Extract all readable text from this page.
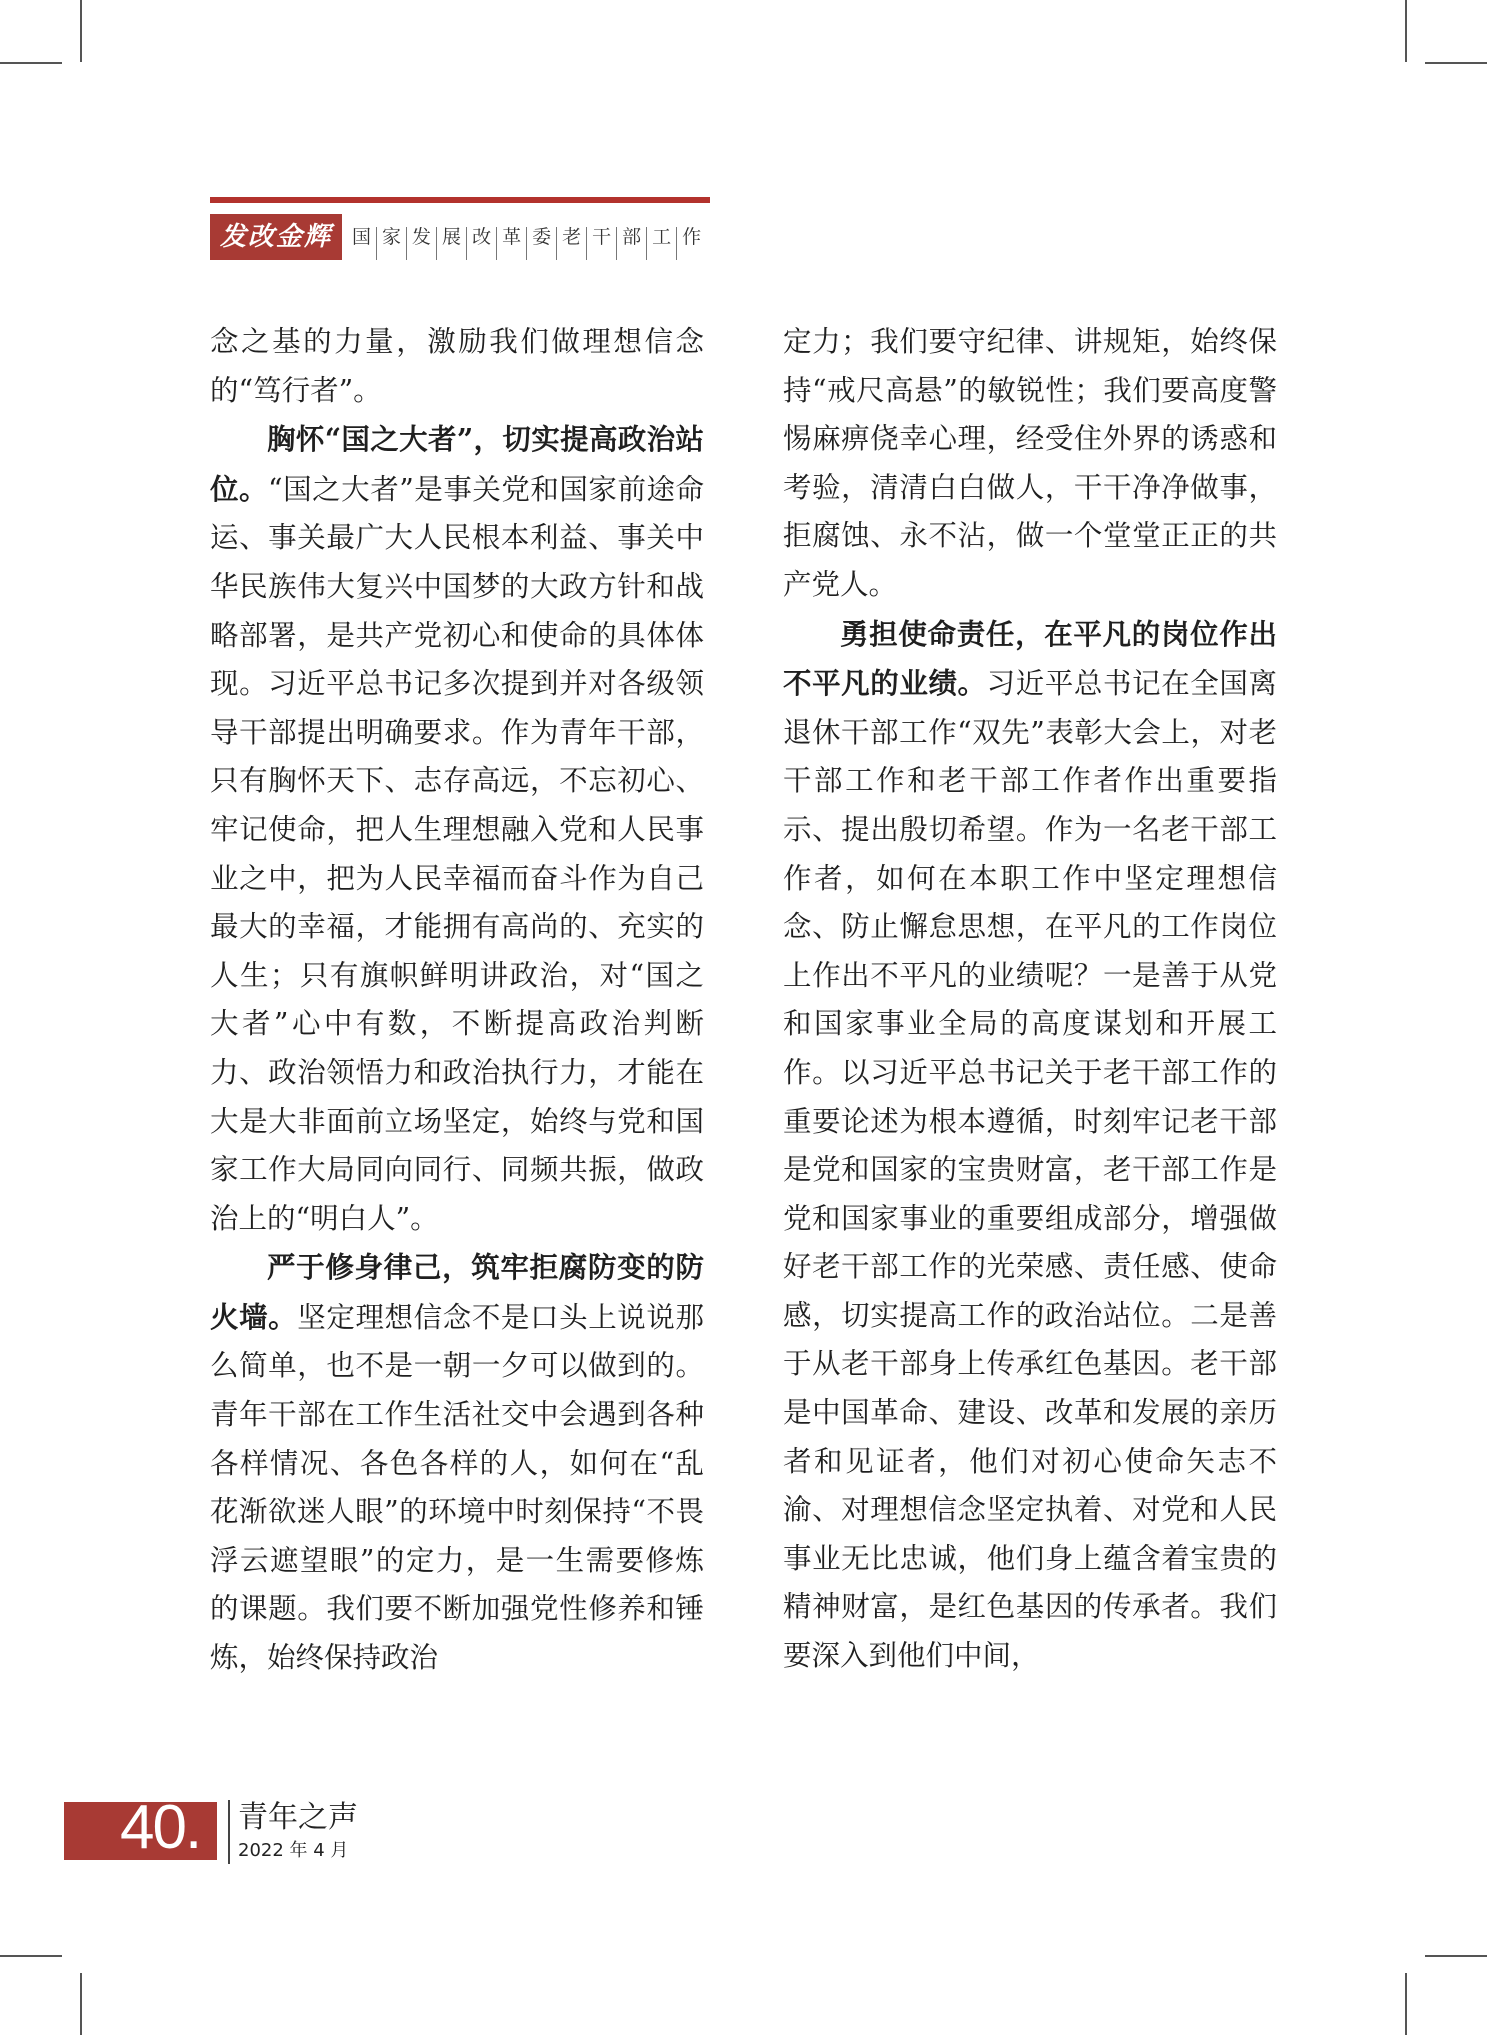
发改金辉	国 家 发 展 改 革 委 老 干 部 工 作

念之基的力量，激励我们做理想信念的“笃行者”。

胸怀“国之大者”，切实提高政治站位。“国之大者”是事关党和国家前途命运、事关最广大人民根本利益、事关中华民族伟大复兴中国梦的大政方针和战略部署，是共产党初心和使命的具体体现。习近平总书记多次提到并对各级领导干部提出明确要求。作为青年干部，只有胸怀天下、志存高远，不忘初心、牢记使命，把人生理想融入党和人民事业之中，把为人民幸福而奋斗作为自己最大的幸福，才能拥有高尚的、充实的人生；只有旗帜鲜明讲政治，对“国之大者”心中有数，不断提高政治判断力、政治领悟力和政治执行力，才能在大是大非面前立场坚定，始终与党和国家工作大局同向同行、同频共振，做政治上的“明白人”。

严于修身律己，筑牢拒腐防变的防火墙。坚定理想信念不是口头上说说那么简单，也不是一朝一夕可以做到的。青年干部在工作生活社交中会遇到各种各样情况、各色各样的人，如何在“乱花渐欲迷人眼”的环境中时刻保持“不畏浮云遮望眼”的定力，是一生需要修炼的课题。我们要不断加强党性修养和锤炼，始终保持政治

定力；我们要守纪律、讲规矩，始终保持“戒尺高悬”的敏锐性；我们要高度警惕麻痹侥幸心理，经受住外界的诱惑和考验，清清白白做人，干干净净做事，拒腐蚀、永不沾，做一个堂堂正正的共产党人。

勇担使命责任，在平凡的岗位作出不平凡的业绩。习近平总书记在全国离退休干部工作“双先”表彰大会上，对老干部工作和老干部工作者作出重要指示、提出殷切希望。作为一名老干部工作者，如何在本职工作中坚定理想信念、防止懈怠思想，在平凡的工作岗位上作出不平凡的业绩呢？一是善于从党和国家事业全局的高度谋划和开展工作。以习近平总书记关于老干部工作的重要论述为根本遵循，时刻牢记老干部是党和国家的宝贵财富，老干部工作是党和国家事业的重要组成部分，增强做好老干部工作的光荣感、责任感、使命感，切实提高工作的政治站位。二是善于从老干部身上传承红色基因。老干部是中国革命、建设、改革和发展的亲历者和见证者，他们对初心使命矢志不渝、对理想信念坚定执着、对党和人民事业无比忠诚，他们身上蕴含着宝贵的精神财富，是红色基因的传承者。我们要深入到他们中间，

40. 青年之声
2022 年 4 月
